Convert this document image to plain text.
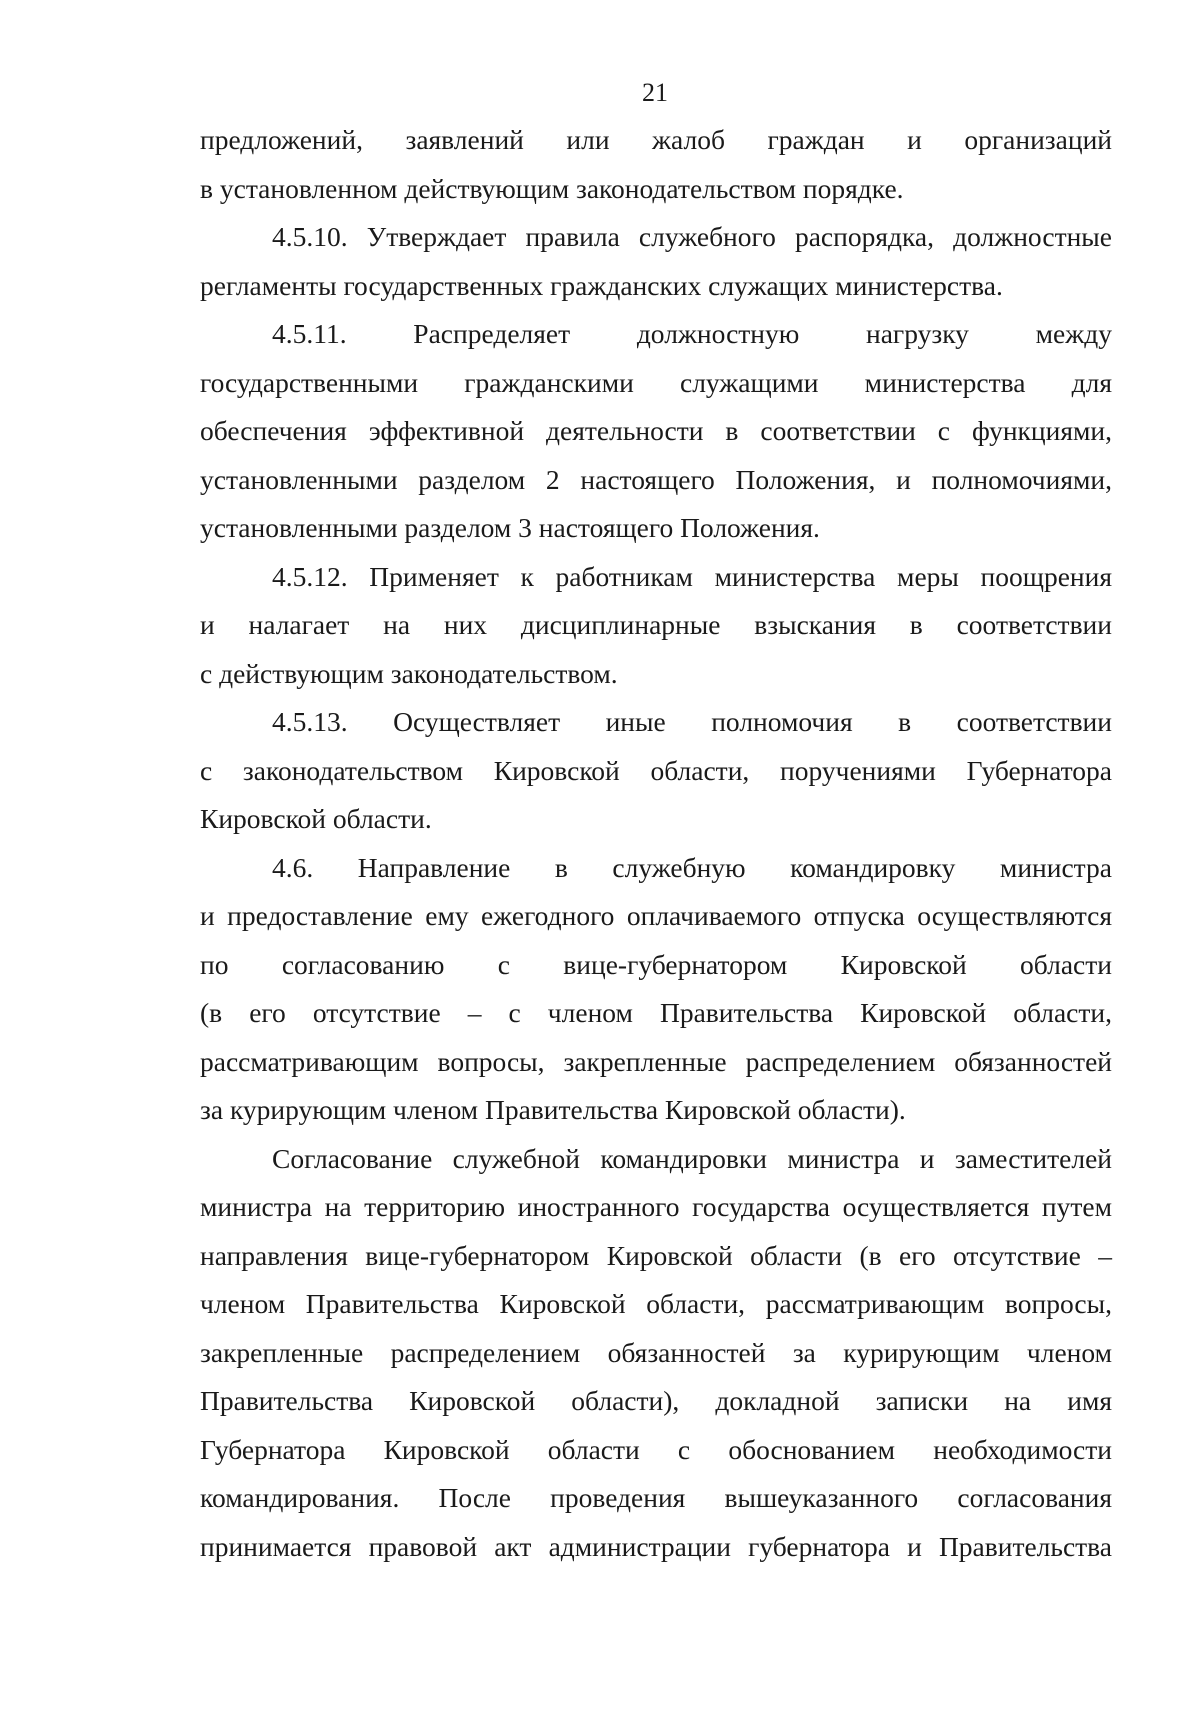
21
предложений, заявлений или жалоб граждан и организаций
в установленном действующим законодательством порядке.
4.5.10. Утверждает правила служебного распорядка, должностные
регламенты государственных гражданских служащих министерства.
4.5.11. Распределяет должностную нагрузку между
государственными гражданскими служащими министерства для
обеспечения эффективной деятельности в соответствии с функциями,
установленными разделом 2 настоящего Положения, и полномочиями,
установленными разделом 3 настоящего Положения.
4.5.12. Применяет к работникам министерства меры поощрения
и налагает на них дисциплинарные взыскания в соответствии
с действующим законодательством.
4.5.13. Осуществляет иные полномочия в соответствии
с законодательством Кировской области, поручениями Губернатора
Кировской области.
4.6. Направление в служебную командировку министра
и предоставление ему ежегодного оплачиваемого отпуска осуществляются
по согласованию с вице-губернатором Кировской области
(в его отсутствие – с членом Правительства Кировской области,
рассматривающим вопросы, закрепленные распределением обязанностей
за курирующим членом Правительства Кировской области).
Согласование служебной командировки министра и заместителей
министра на территорию иностранного государства осуществляется путем
направления вице-губернатором Кировской области (в его отсутствие –
членом Правительства Кировской области, рассматривающим вопросы,
закрепленные распределением обязанностей за курирующим членом
Правительства Кировской области), докладной записки на имя
Губернатора Кировской области с обоснованием необходимости
командирования. После проведения вышеуказанного согласования
принимается правовой акт администрации губернатора и Правительства
